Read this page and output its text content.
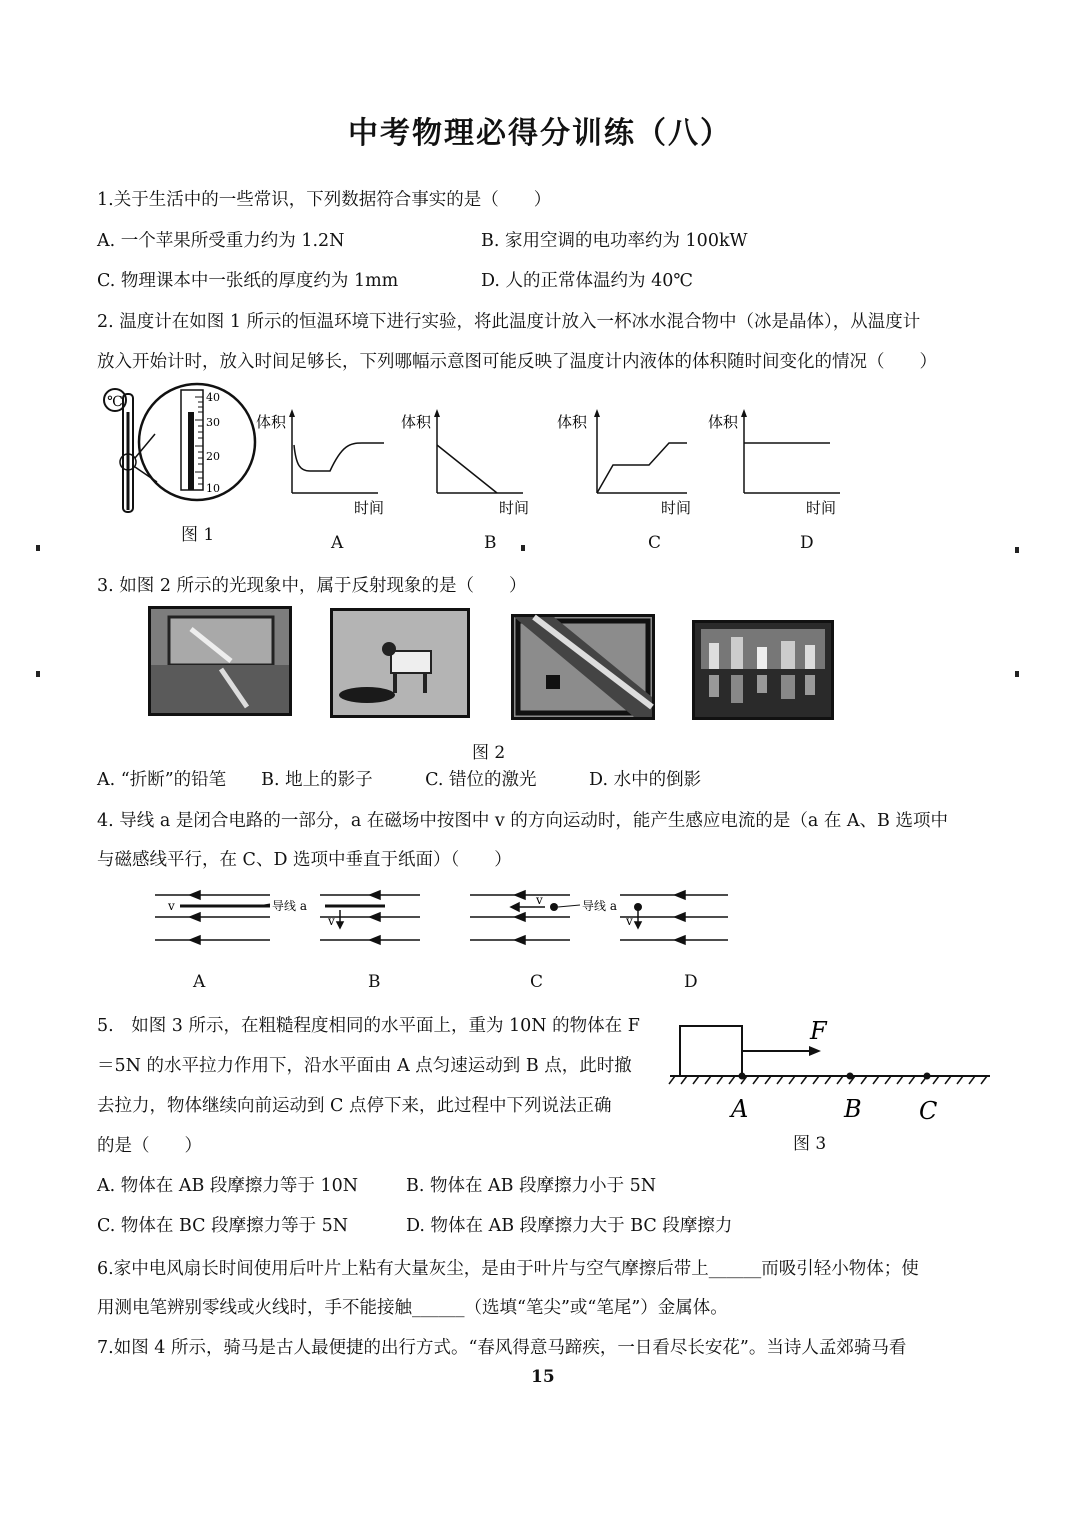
中考物理必得分训练（八）
1.关于生活中的一些常识，下列数据符合事实的是（　　）
A. 一个苹果所受重力约为 1.2N	B. 家用空调的电功率约为 100kW
C. 物理课本中一张纸的厚度约为 1mm	D. 人的正常体温约为 40℃
2. 温度计在如图 1 所示的恒温环境下进行实验，将此温度计放入一杯冰水混合物中（冰是晶体），从温度计
放入开始计时，放入时间足够长，下列哪幅示意图可能反映了温度计内液体的体积随时间变化的情况（　　）
℃	40
30
20
10
图 1
体积
时间
体积
时间
体积
时间
体积
时间
A	B	C	D
3. 如图 2 所示的光现象中，属于反射现象的是（　　）
图 2
A. “折断”的铅笔　　B. 地上的影子　　　C. 错位的激光　　　D. 水中的倒影
4. 导线 a 是闭合电路的一部分，a 在磁场中按图中 v 的方向运动时，能产生感应电流的是（a 在 A、B 选项中
与磁感线平行，在 C、D 选项中垂直于纸面）（　　）
v	导线 a
v
v	导线 a
v
A	B	C	D
5.　如图 3 所示，在粗糙程度相同的水平面上，重为 10N 的物体在 F
＝5N 的水平拉力作用下，沿水平面由 A 点匀速运动到 B 点，此时撤
去拉力，物体继续向前运动到 C 点停下来，此过程中下列说法正确
的是（　　）
F
A	B C
图 3
A. 物体在 AB 段摩擦力等于 10N	B. 物体在 AB 段摩擦力小于 5N
C. 物体在 BC 段摩擦力等于 5N	D. 物体在 AB 段摩擦力大于 BC 段摩擦力
6.家中电风扇长时间使用后叶片上粘有大量灰尘，是由于叶片与空气摩擦后带上______而吸引轻小物体；使
用测电笔辨别零线或火线时，手不能接触______（选填“笔尖”或“笔尾”）金属体。
7.如图 4 所示，骑马是古人最便捷的出行方式。“春风得意马蹄疾，一日看尽长安花”。当诗人孟郊骑马看
15
